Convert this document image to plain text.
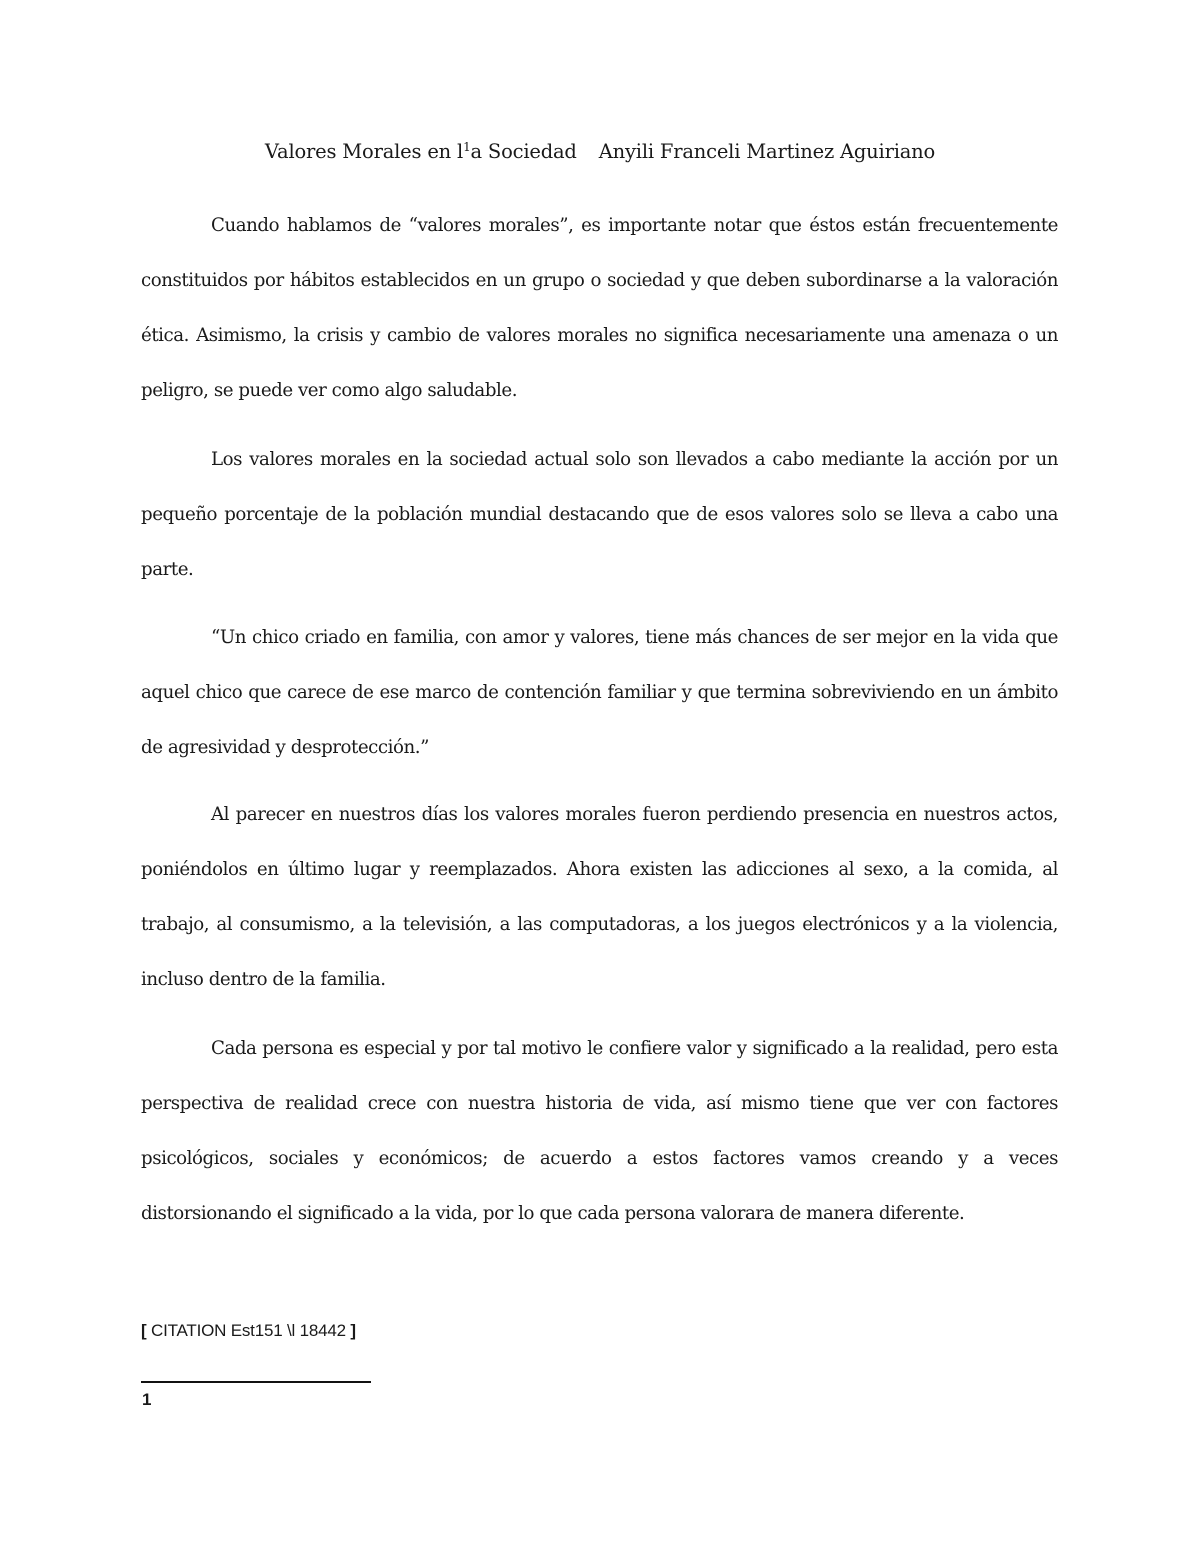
Valores Morales en $l^1a$ Sociedad Anyili Franceli Martinez Aguiriano

Cuando hablamos de “valores morales”, es importante notar que éstos están frecuentemente constituidos por hábitos establecidos en un grupo o sociedad y que deben subordinarse a la valoración ética. Asimismo, la crisis y cambio de valores morales no significa necesariamente una amenaza o un peligro, se puede ver como algo saludable.

Los valores morales en la sociedad actual solo son llevados a cabo mediante la acción por un pequeño porcentaje de la población mundial destacando que de esos valores solo se lleva a cabo una parte.

“Un chico criado en familia, con amor y valores, tiene más chances de ser mejor en la vida que aquel chico que carece de ese marco de contención familiar y que termina sobreviviendo en un ámbito de agresividad y desprotección.”

Al parecer en nuestros días los valores morales fueron perdiendo presencia en nuestros actos, poniéndolos en último lugar y reemplazados. Ahora existen las adicciones al sexo, a la comida, al trabajo, al consumismo, a la televisión, a las computadoras, a los juegos electrónicos y a la violencia, incluso dentro de la familia.

Cada persona es especial y por tal motivo le confiere valor y significado a la realidad, pero esta perspectiva de realidad crece con nuestra historia de vida, así mismo tiene que ver con factores psicológicos, sociales y económicos; de acuerdo a estos factores vamos creando y a veces distorsionando el significado a la vida, por lo que cada persona valorara de manera diferente.

[ CITATION Est151 \l 18442 ]
1
